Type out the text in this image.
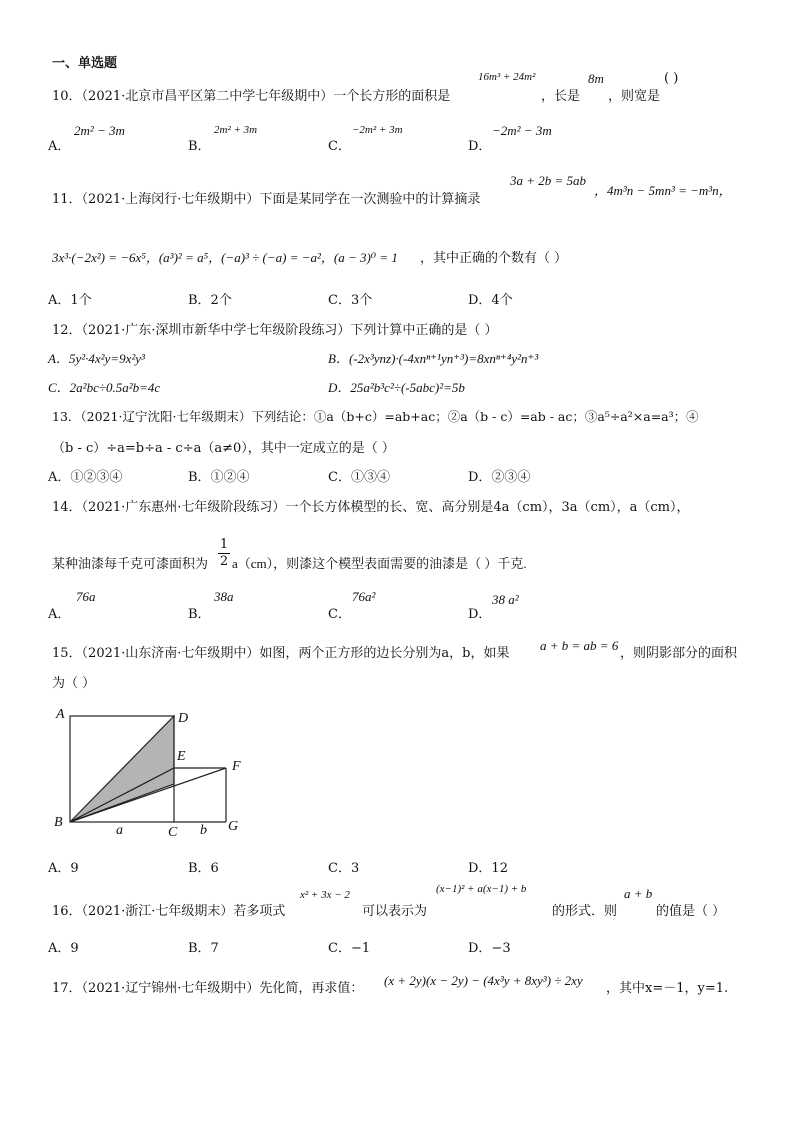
一、单选题
10．（2021·北京市昌平区第二中学七年级期中）一个长方形的面积是
16m³ + 24m²
，长是
8m
，则宽是
( )
A．
2m² − 3m
B．
2m² + 3m
C．
−2m² + 3m
D．
−2m² − 3m
11．（2021·上海闵行·七年级期中）下面是某同学在一次测验中的计算摘录
3a + 2b = 5ab
，4m³n − 5mn³ = −m³n，
3x³·(−2x²) = −6x⁵，(a³)² = a⁵，(−a)³ ÷ (−a) = −a²，(a − 3)⁰ = 1 ，其中正确的个数有（ ）
A．1个	B．2个	C．3个	D．4个
12．（2021·广东·深圳市新华中学七年级阶段练习）下列计算中正确的是（ ）
A．5y²·4x²y=9x²y³	B．(-2x³ynz)·(-4xnⁿ⁺¹yn⁺³)=8xnⁿ⁺⁴y²n⁺³
C．2a²bc÷0.5a²b=4c	D．25a²b³c²÷(-5abc)²=5b
13．（2021·辽宁沈阳·七年级期末）下列结论：①a（b+c）=ab+ac；②a（b - c）=ab - ac；③a⁵÷a²×a=a³；④
（b - c）÷a=b÷a - c÷a（a≠0），其中一定成立的是（ ）
A．①②③④	B．①②④	C．①③④	D．②③④
14．（2021·广东惠州·七年级阶段练习）一个长方体模型的长、宽、高分别是4a（cm），3a（cm），a（cm），
某种油漆每千克可漆面积为 $\frac{1}{2} a(cm)$，则漆这个模型表面需要的油漆是（ ）千克.
A．
76a
B．
38a
C．
76a²
D．
38 a²
15．（2021·山东济南·七年级期中）如图，两个正方形的边长分别为a，b，如果
a + b = ab = 6
，则阴影部分的面积
为（ ）
A	D
E
F
B
a	C b G
A．9	B．6	C．3	D．12
16．（2021·浙江·七年级期末）若多项式
x² + 3x − 2
可以表示为
(x−1)² + a(x−1) + b
的形式．则
a + b
的值是（ ）
A．9	B．7	C．−1	D．−3
17．（2021·辽宁锦州·七年级期中）先化简，再求值：
(x + 2y)(x − 2y) − (4x³y + 8xy³) ÷ 2xy
，其中x=－1，y=1.
